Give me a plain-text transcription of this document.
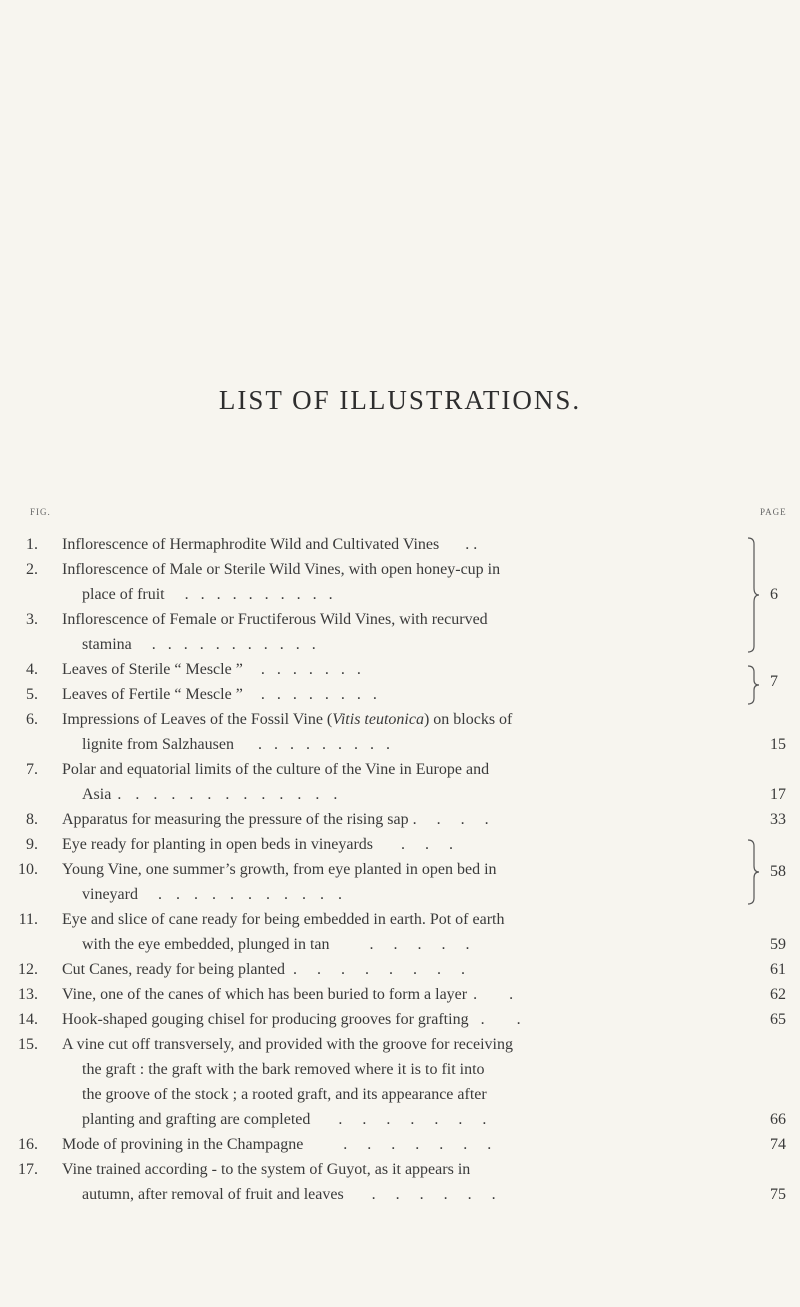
LIST OF ILLUSTRATIONS.
FIG.	PAGE
1. Inflorescence of Hermaphrodite Wild and Cultivated Vines . .
2. Inflorescence of Male or Sterile Wild Vines, with open honey-cup in
place of fruit . . . . . . . . . .
3. Inflorescence of Female or Fructiferous Wild Vines, with recurved
stamina . . . . . . . . . . .
6
4. Leaves of Sterile “ Mescle ” . . . . . . .
5. Leaves of Fertile “ Mescle ” . . . . . . . .
7
6. Impressions of Leaves of the Fossil Vine (Vitis teutonica) on blocks of
lignite from Salzhausen . . . . . . . . .	15
7. Polar and equatorial limits of the culture of the Vine in Europe and
Asia . . . . . . . . . . . . .	17
8. Apparatus for measuring the pressure of the rising sap . . . .	33
9. Eye ready for planting in open beds in vineyards . . .
10. Young Vine, one summer’s growth, from eye planted in open bed in
vineyard . . . . . . . . . . .
58
11. Eye and slice of cane ready for being embedded in earth. Pot of earth
with the eye embedded, plunged in tan	. . . . .	59
12. Cut Canes, ready for being planted . . . . . . . .	61
13. Vine, one of the canes of which has been buried to form a layer . .	62
14. Hook-shaped gouging chisel for producing grooves for grafting . .	65
15. A vine cut off transversely, and provided with the groove for receiving
the graft : the graft with the bark removed where it is to fit into
the groove of the stock ; a rooted graft, and its appearance after
planting and grafting are completed . . . . . . .	66
16. Mode of provining in the Champagne	. . . . . . .	74
17. Vine trained according - to the system of Guyot, as it appears in
autumn, after removal of fruit and leaves . . . . . .	75
